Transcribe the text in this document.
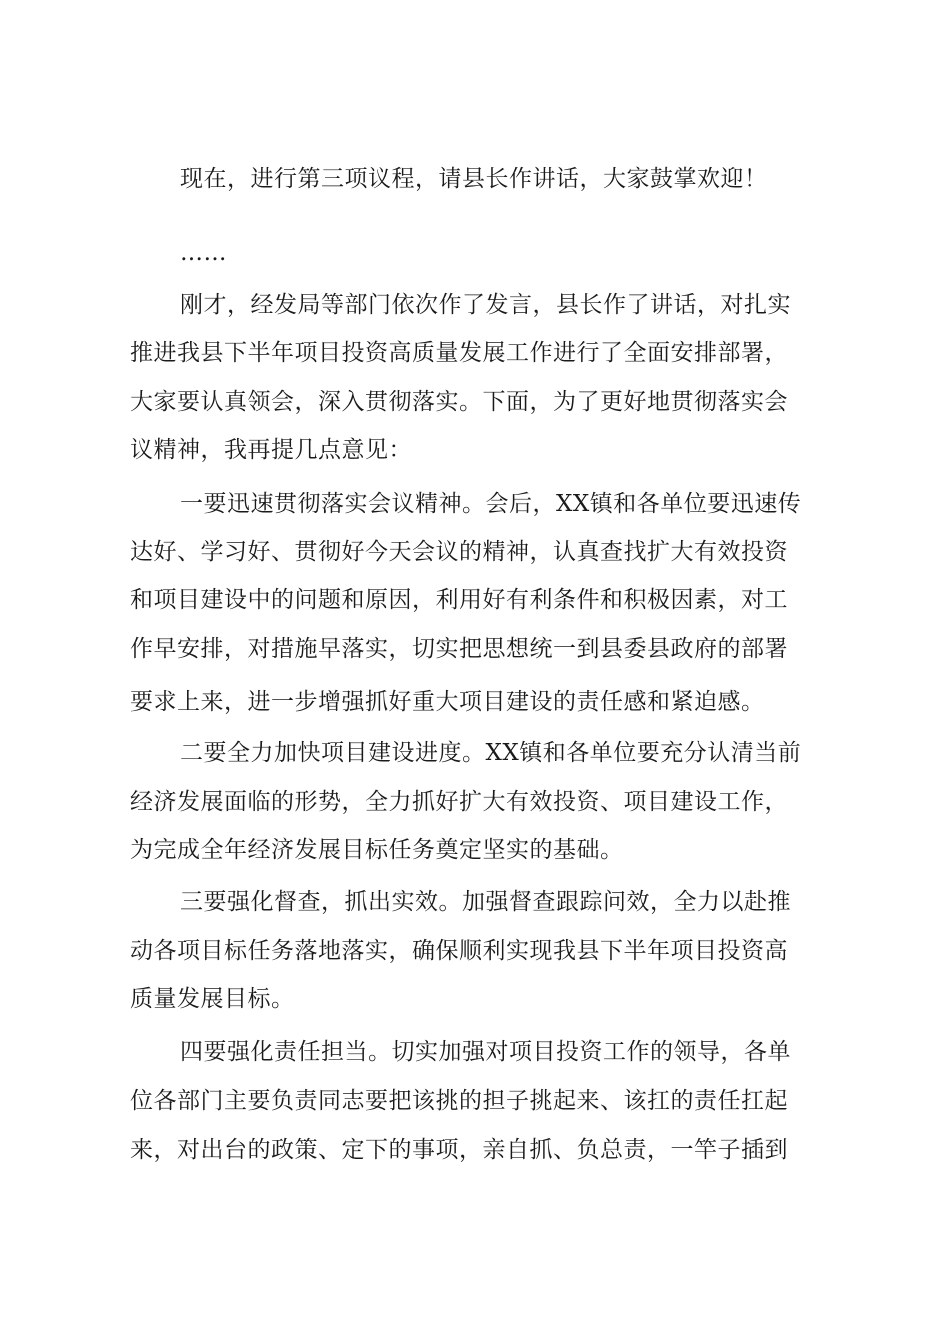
现在，进行第三项议程，请县长作讲话，大家鼓掌欢迎！
……
刚才，经发局等部门依次作了发言，县长作了讲话，对扎实
推进我县下半年项目投资高质量发展工作进行了全面安排部署，
大家要认真领会，深入贯彻落实。下面，为了更好地贯彻落实会
议精神，我再提几点意见：
一要迅速贯彻落实会议精神。会后，XX镇和各单位要迅速传
达好、学习好、贯彻好今天会议的精神，认真查找扩大有效投资
和项目建设中的问题和原因，利用好有利条件和积极因素，对工
作早安排，对措施早落实，切实把思想统一到县委县政府的部署
要求上来，进一步增强抓好重大项目建设的责任感和紧迫感。
二要全力加快项目建设进度。XX镇和各单位要充分认清当前
经济发展面临的形势，全力抓好扩大有效投资、项目建设工作，
为完成全年经济发展目标任务奠定坚实的基础。
三要强化督查，抓出实效。加强督查跟踪问效，全力以赴推
动各项目标任务落地落实，确保顺利实现我县下半年项目投资高
质量发展目标。
四要强化责任担当。切实加强对项目投资工作的领导，各单
位各部门主要负责同志要把该挑的担子挑起来、该扛的责任扛起
来，对出台的政策、定下的事项，亲自抓、负总责，一竿子插到
